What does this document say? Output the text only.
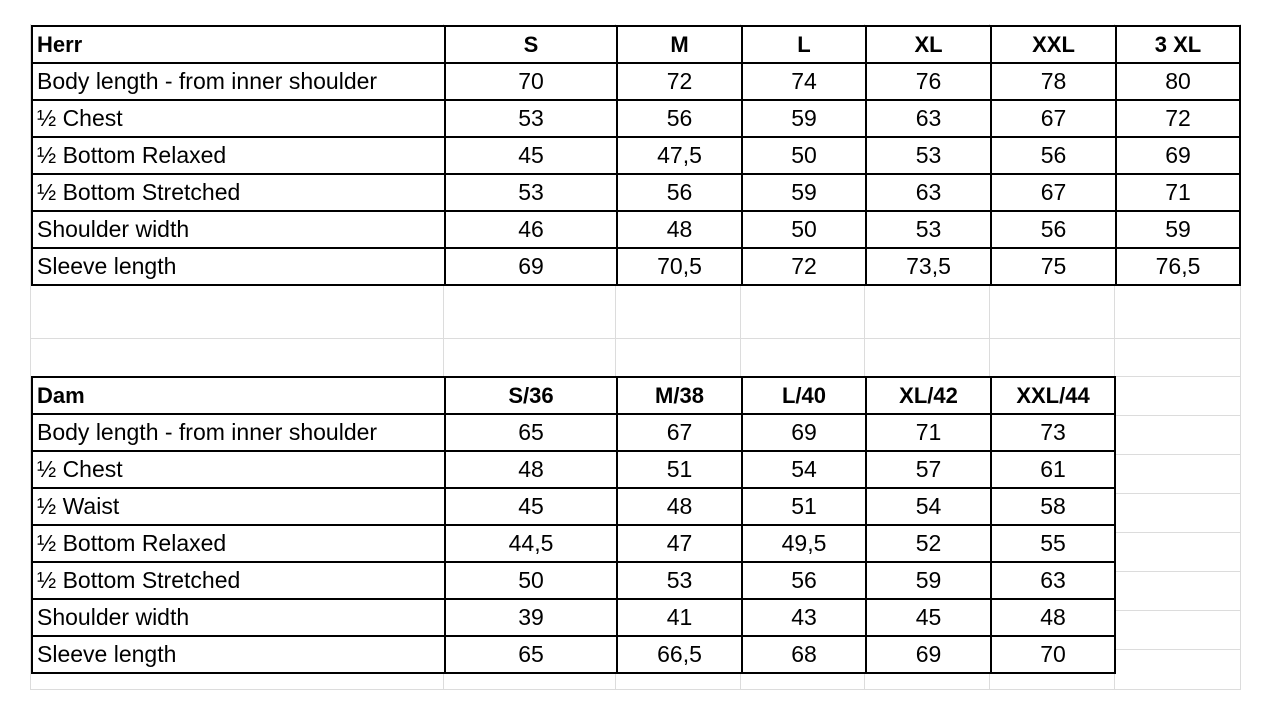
Herr	S	M	L	XL	XXL	3 XL
Body length - from inner shoulder	70	72	74	76	78	80
½ Chest	53	56	59	63	67	72
½ Bottom Relaxed	45	47,5	50	53	56	69
½ Bottom Stretched	53	56	59	63	67	71
Shoulder width	46	48	50	53	56	59
Sleeve length	69	70,5	72	73,5	75	76,5
Dam	S/36	M/38	L/40	XL/42	XXL/44
Body length - from inner shoulder	65	67	69	71	73
½ Chest	48	51	54	57	61
½ Waist	45	48	51	54	58
½ Bottom Relaxed	44,5	47	49,5	52	55
½ Bottom Stretched	50	53	56	59	63
Shoulder width	39	41	43	45	48
Sleeve length	65	66,5	68	69	70
